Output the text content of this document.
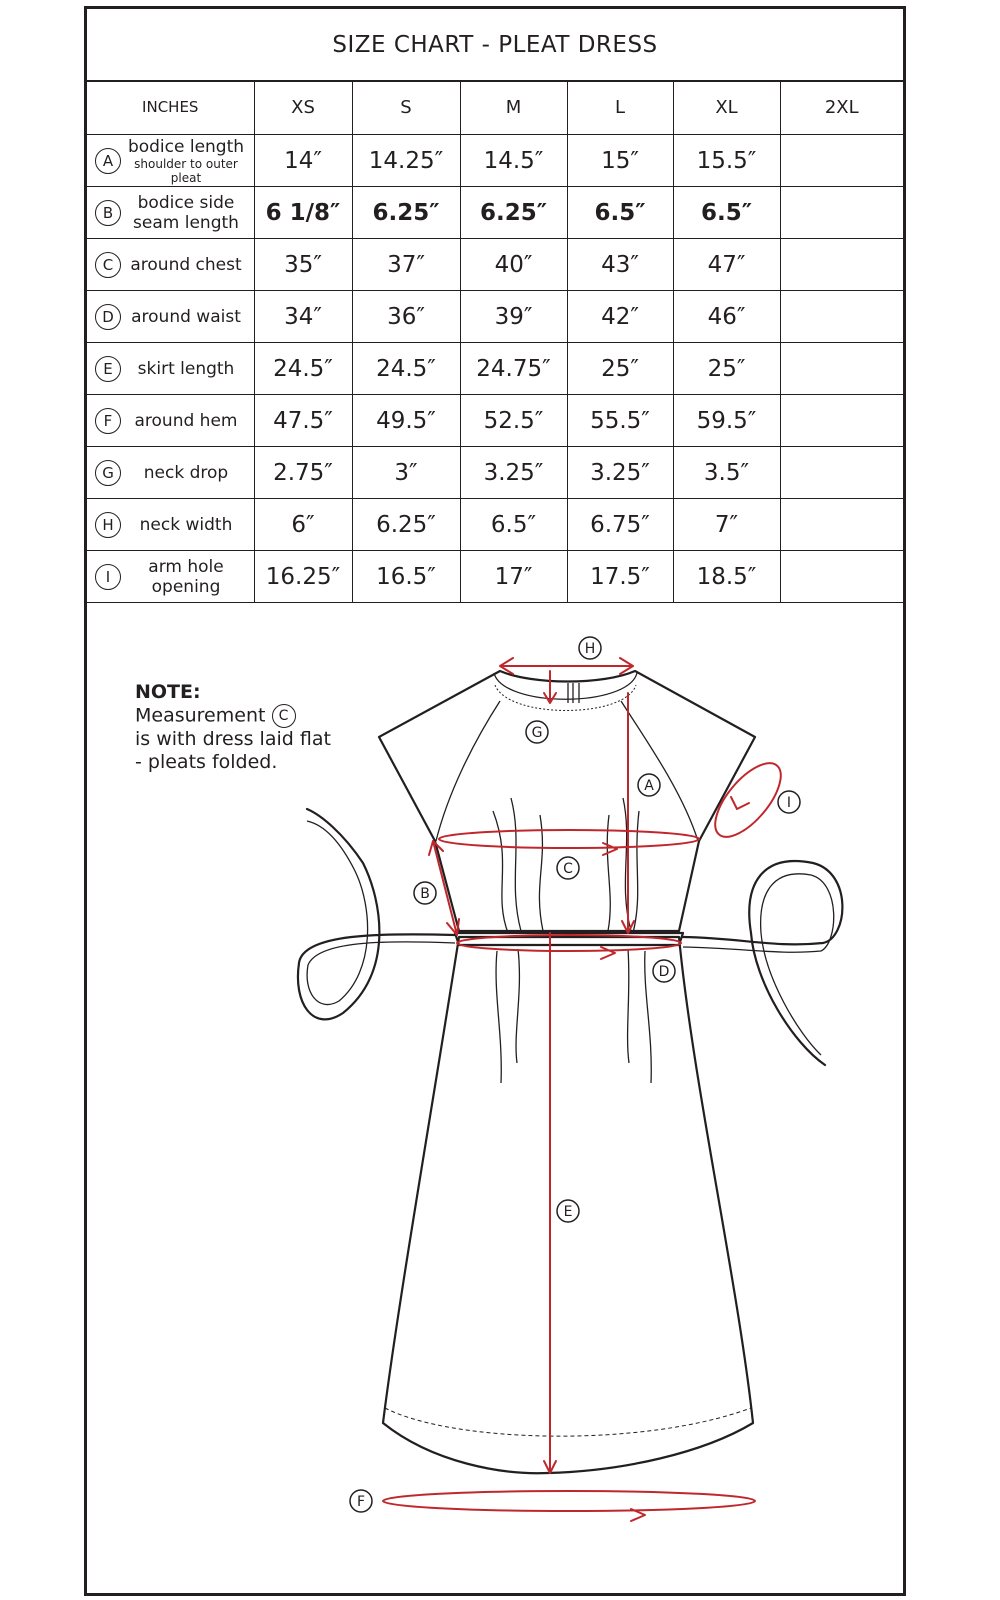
SIZE CHART - PLEAT DRESS
INCHES	XS	S	M	L	XL	2XL

A
bodice length
shoulder to outer pleat	14″	14.25″	14.5″	15″	15.5″	

B bodice side seam length	6 1/8″	6.25″	6.25″	6.5″	6.5″	

C around chest	35″	37″	40″	43″	47″	

D around waist	34″	36″	39″	42″	46″	

E skirt length	24.5″	24.5″	24.75″	25″	25″	

F around hem	47.5″	49.5″	52.5″	55.5″	59.5″	

G neck drop	2.75″	3″	3.25″	3.25″	3.5″	

H neck width	6″	6.25″	6.5″	6.75″	7″	

I arm hole opening	16.25″	16.5″	17″	17.5″	18.5″	
H
G
A
I
B
C
D
E
F
NOTE:
Measurement C
is with dress laid flat
- pleats folded.
